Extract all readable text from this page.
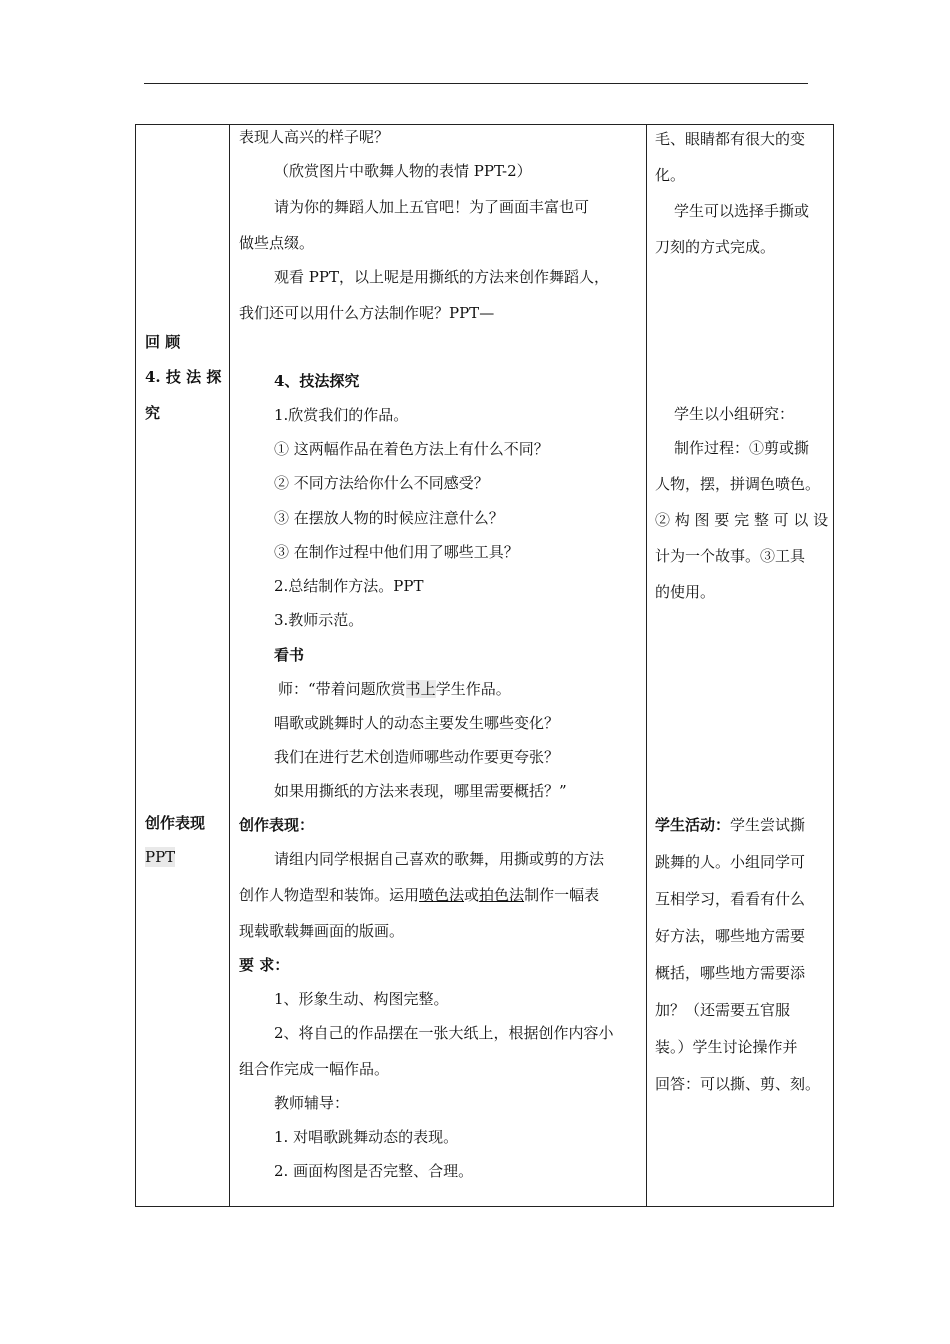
回 顾
4. 技 法 探
究
创作表现
PPT
表现人高兴的样子呢？
（欣赏图片中歌舞人物的表情 PPT-2）
请为你的舞蹈人加上五官吧！为了画面丰富也可
做些点缀。
观看 PPT，以上呢是用撕纸的方法来创作舞蹈人，
我们还可以用什么方法制作呢？PPT—
4、技法探究
1.欣赏我们的作品。
① 这两幅作品在着色方法上有什么不同？
② 不同方法给你什么不同感受？
③ 在摆放人物的时候应注意什么？
③ 在制作过程中他们用了哪些工具？
2.总结制作方法。PPT
3.教师示范。
看书
师：“带着问题欣赏书上学生作品。
唱歌或跳舞时人的动态主要发生哪些变化？
我们在进行艺术创造师哪些动作要更夸张？
如果用撕纸的方法来表现，哪里需要概括？”
创作表现：
请组内同学根据自己喜欢的歌舞，用撕或剪的方法
创作人物造型和装饰。运用喷色法或拍色法制作一幅表
现载歌载舞画面的版画。
要 求：
1、形象生动、构图完整。
2、将自己的作品摆在一张大纸上，根据创作内容小
组合作完成一幅作品。
教师辅导：
1. 对唱歌跳舞动态的表现。
2. 画面构图是否完整、合理。
毛、眼睛都有很大的变
化。
学生可以选择手撕或
刀刻的方式完成。
学生以小组研究：
制作过程：①剪或撕
人物，摆，拼调色喷色。
② 构 图 要 完 整 可 以 设
计为一个故事。③工具
的使用。
学生活动：学生尝试撕
跳舞的人。小组同学可
互相学习，看看有什么
好方法，哪些地方需要
概括，哪些地方需要添
加？（还需要五官服
装。）学生讨论操作并
回答：可以撕、剪、刻。
